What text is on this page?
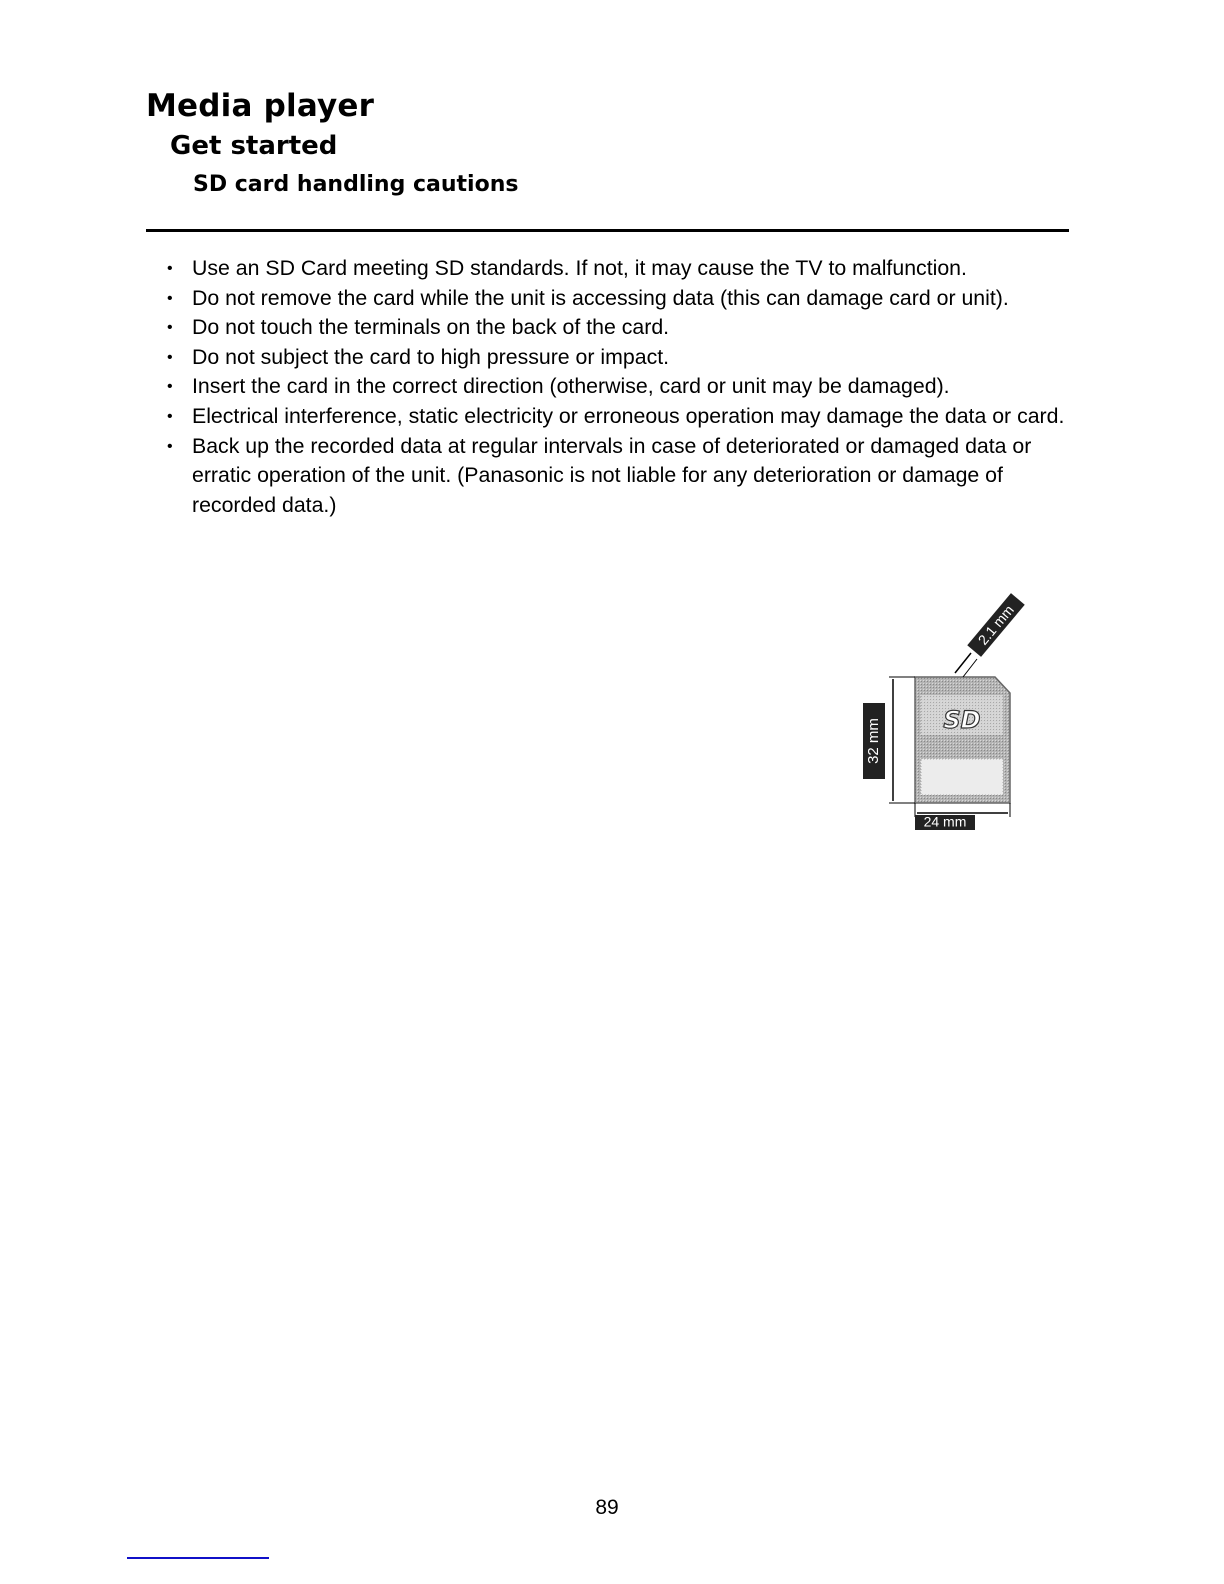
Media player
Get started
SD card handling cautions
• Use an SD Card meeting SD standards. If not, it may cause the TV to malfunction.
• Do not remove the card while the unit is accessing data (this can damage card or unit).
• Do not touch the terminals on the back of the card.
• Do not subject the card to high pressure or impact.
• Insert the card in the correct direction (otherwise, card or unit may be damaged).
• Electrical interference, static electricity or erroneous operation may damage the data or card.
• Back up the recorded data at regular intervals in case of deteriorated or damaged data or erratic operation of the unit. (Panasonic is not liable for any deterioration or damage of recorded data.)
SD
32 mm
24 mm
2.1 mm
89
